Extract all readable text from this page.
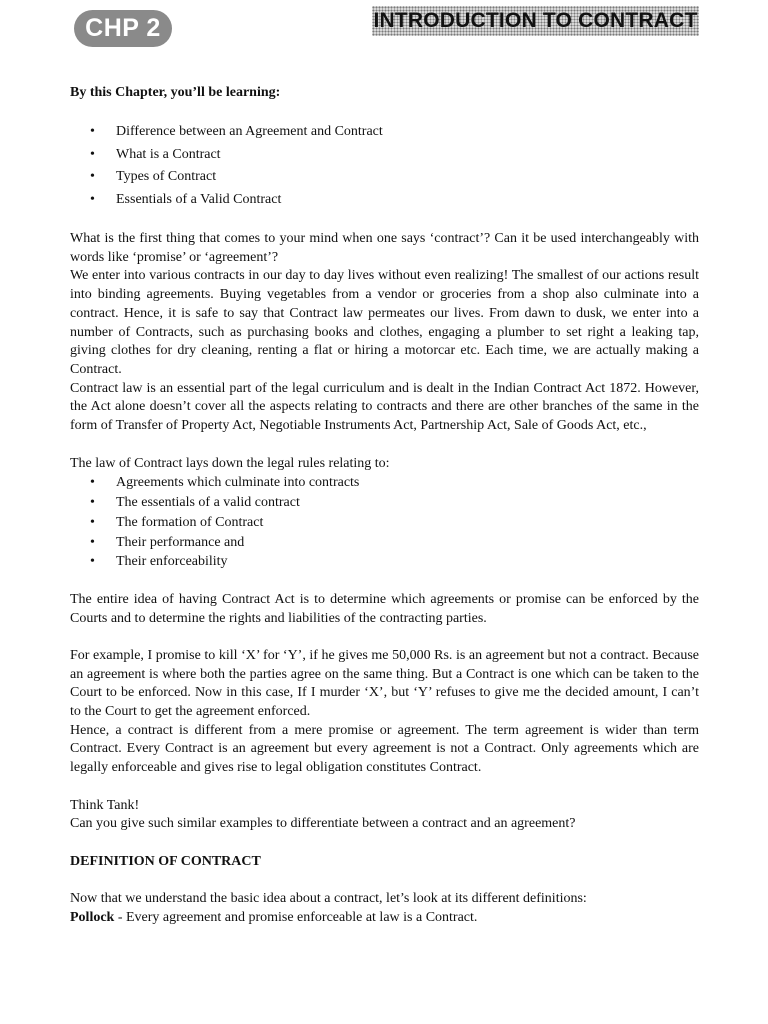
CHP 2	INTRODUCTION TO CONTRACT
By this Chapter, you’ll be learning:
• Difference between an Agreement and Contract
• What is a Contract
• Types of Contract
• Essentials of a Valid Contract

What is the first thing that comes to your mind when one says ‘contract’? Can it be used interchangeably with words like ‘promise’ or ‘agreement’?

We enter into various contracts in our day to day lives without even realizing! The smallest of our actions result into binding agreements. Buying vegetables from a vendor or groceries from a shop also culminate into a contract. Hence, it is safe to say that Contract law permeates our lives. From dawn to dusk, we enter into a number of Contracts, such as purchasing books and clothes, engaging a plumber to set right a leaking tap, giving clothes for dry cleaning, renting a flat or hiring a motorcar etc. Each time, we are actually making a Contract.

Contract law is an essential part of the legal curriculum and is dealt in the Indian Contract Act 1872. However, the Act alone doesn’t cover all the aspects relating to contracts and there are other branches of the same in the form of Transfer of Property Act, Negotiable Instruments Act, Partnership Act, Sale of Goods Act, etc.,

The law of Contract lays down the legal rules relating to:

• Agreements which culminate into contracts
• The essentials of a valid contract
• The formation of Contract
• Their performance and
• Their enforceability

The entire idea of having Contract Act is to determine which agreements or promise can be enforced by the Courts and to determine the rights and liabilities of the contracting parties.

For example, I promise to kill ‘X’ for ‘Y’, if he gives me 50,000 Rs. is an agreement but not a contract. Because an agreement is where both the parties agree on the same thing. But a Contract is one which can be taken to the Court to be enforced. Now in this case, If I murder ‘X’, but ‘Y’ refuses to give me the decided amount, I can’t to the Court to get the agreement enforced.

Hence, a contract is different from a mere promise or agreement. The term agreement is wider than term Contract. Every Contract is an agreement but every agreement is not a Contract. Only agreements which are legally enforceable and gives rise to legal obligation constitutes Contract.

Think Tank!

Can you give such similar examples to differentiate between a contract and an agreement?

DEFINITION OF CONTRACT

Now that we understand the basic idea about a contract, let’s look at its different definitions:

Pollock - Every agreement and promise enforceable at law is a Contract.
